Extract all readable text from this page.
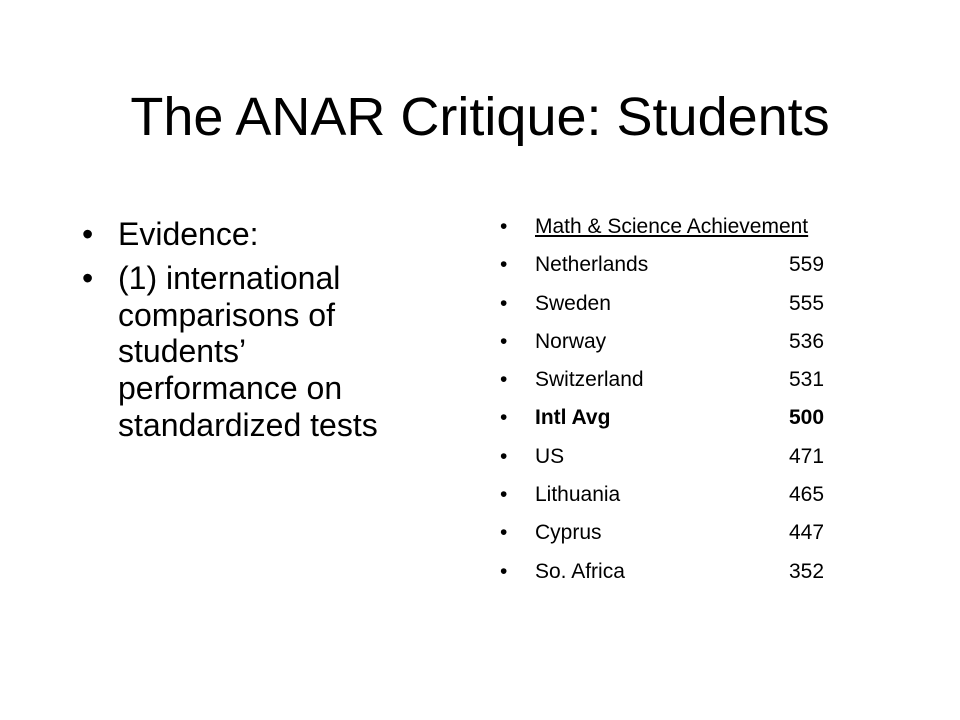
The ANAR Critique: Students
• Evidence:
• (1) international comparisons of students’ performance on standardized tests
• Math & Science Achievement
• Netherlands	559
• Sweden	555
• Norway	536
• Switzerland	531
• Intl Avg	500
• US	471
• Lithuania	465
• Cyprus	447
• So. Africa	352
